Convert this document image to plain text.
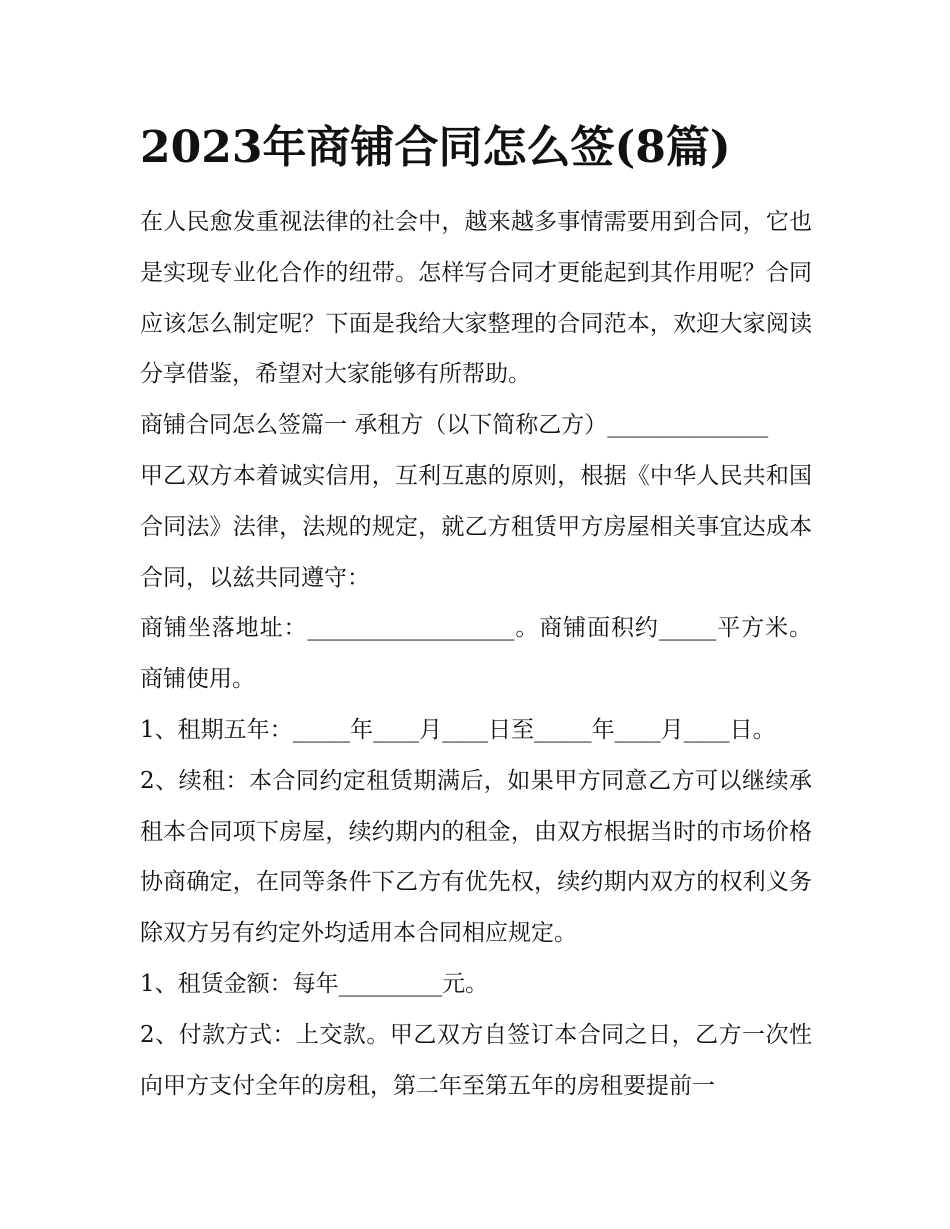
2023年商铺合同怎么签(8篇)

在人民愈发重视法律的社会中，越来越多事情需要用到合同，它也是实现专业化合作的纽带。怎样写合同才更能起到其作用呢？合同应该怎么制定呢？下面是我给大家整理的合同范本，欢迎大家阅读分享借鉴，希望对大家能够有所帮助。

商铺合同怎么签篇一 承租方（以下简称乙方）______________

甲乙双方本着诚实信用，互利互惠的原则，根据《中华人民共和国合同法》法律，法规的规定，就乙方租赁甲方房屋相关事宜达成本合同，以兹共同遵守：

商铺坐落地址：__________________。商铺面积约_____平方米。 商铺使用。

1、租期五年：_____年____月____日至_____年____月____日。

2、续租：本合同约定租赁期满后，如果甲方同意乙方可以继续承租本合同项下房屋，续约期内的租金，由双方根据当时的市场价格协商确定，在同等条件下乙方有优先权，续约期内双方的权利义务除双方另有约定外均适用本合同相应规定。

1、租赁金额：每年_________元。

2、付款方式：上交款。甲乙双方自签订本合同之日，乙方一次性向甲方支付全年的房租，第二年至第五年的房租要提前一
